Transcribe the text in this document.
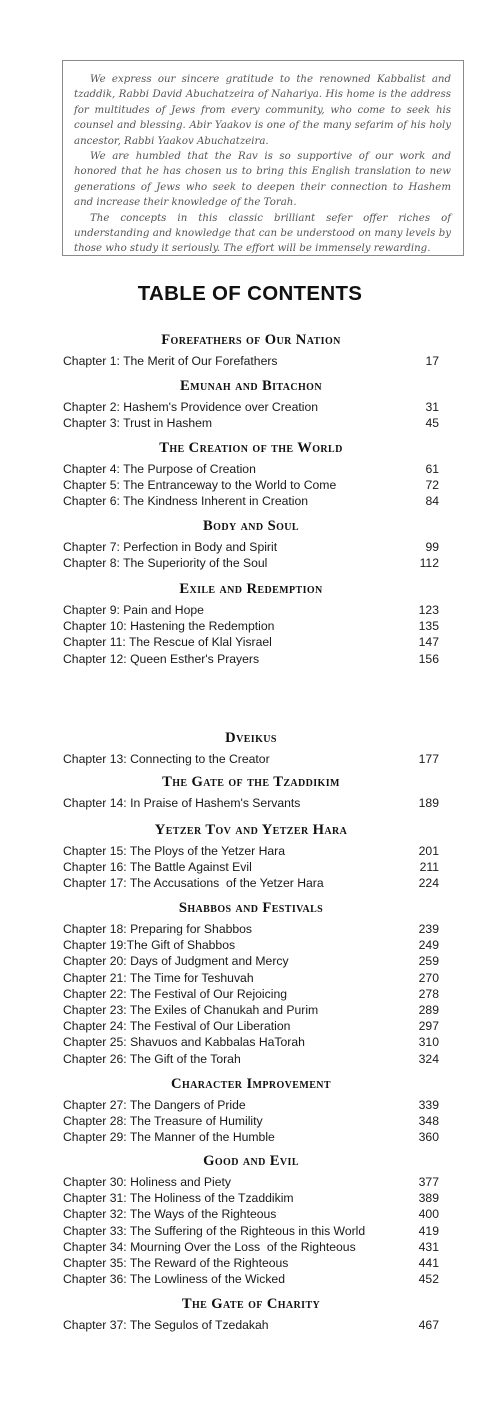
We express our sincere gratitude to the renowned Kabbalist and tzaddik, Rabbi David Abuchatzeira of Nahariya. His home is the address for multitudes of Jews from every community, who come to seek his counsel and blessing. Abir Yaakov is one of the many sefarim of his holy ancestor, Rabbi Yaakov Abuchatzeira.

We are humbled that the Rav is so supportive of our work and honored that he has chosen us to bring this English translation to new generations of Jews who seek to deepen their connection to Hashem and increase their knowledge of the Torah.

The concepts in this classic brilliant sefer offer riches of understanding and knowledge that can be understood on many levels by those who study it seriously. The effort will be immensely rewarding.

TABLE OF CONTENTS
Forefathers of Our Nation
Chapter 1: The Merit of Our Forefathers	17
Emunah and Bitachon
Chapter 2: Hashem's Providence over Creation	31
Chapter 3: Trust in Hashem	45
The Creation of the World
Chapter 4: The Purpose of Creation	61
Chapter 5: The Entranceway to the World to Come	72
Chapter 6: The Kindness Inherent in Creation	84
Body and Soul
Chapter 7: Perfection in Body and Spirit	99
Chapter 8: The Superiority of the Soul	112
Exile and Redemption
Chapter 9: Pain and Hope	123
Chapter 10: Hastening the Redemption	135
Chapter 11: The Rescue of Klal Yisrael	147
Chapter 12: Queen Esther's Prayers	156
Dveikus
Chapter 13: Connecting to the Creator	177
The Gate of the Tzaddikim
Chapter 14: In Praise of Hashem's Servants	189
Yetzer Tov and Yetzer Hara
Chapter 15: The Ploys of the Yetzer Hara	201
Chapter 16: The Battle Against Evil	211
Chapter 17: The Accusations  of the Yetzer Hara	224
Shabbos and Festivals
Chapter 18: Preparing for Shabbos	239
Chapter 19:The Gift of Shabbos	249
Chapter 20: Days of Judgment and Mercy	259
Chapter 21: The Time for Teshuvah	270
Chapter 22: The Festival of Our Rejoicing	278
Chapter 23: The Exiles of Chanukah and Purim	289
Chapter 24: The Festival of Our Liberation	297
Chapter 25: Shavuos and Kabbalas HaTorah	310
Chapter 26: The Gift of the Torah	324
Character Improvement
Chapter 27: The Dangers of Pride	339
Chapter 28: The Treasure of Humility	348
Chapter 29: The Manner of the Humble	360
Good and Evil
Chapter 30: Holiness and Piety	377
Chapter 31: The Holiness of the Tzaddikim	389
Chapter 32: The Ways of the Righteous	400
Chapter 33: The Suffering of the Righteous in this World	419
Chapter 34: Mourning Over the Loss  of the Righteous	431
Chapter 35: The Reward of the Righteous	441
Chapter 36: The Lowliness of the Wicked	452
The Gate of Charity
Chapter 37: The Segulos of Tzedakah	467
